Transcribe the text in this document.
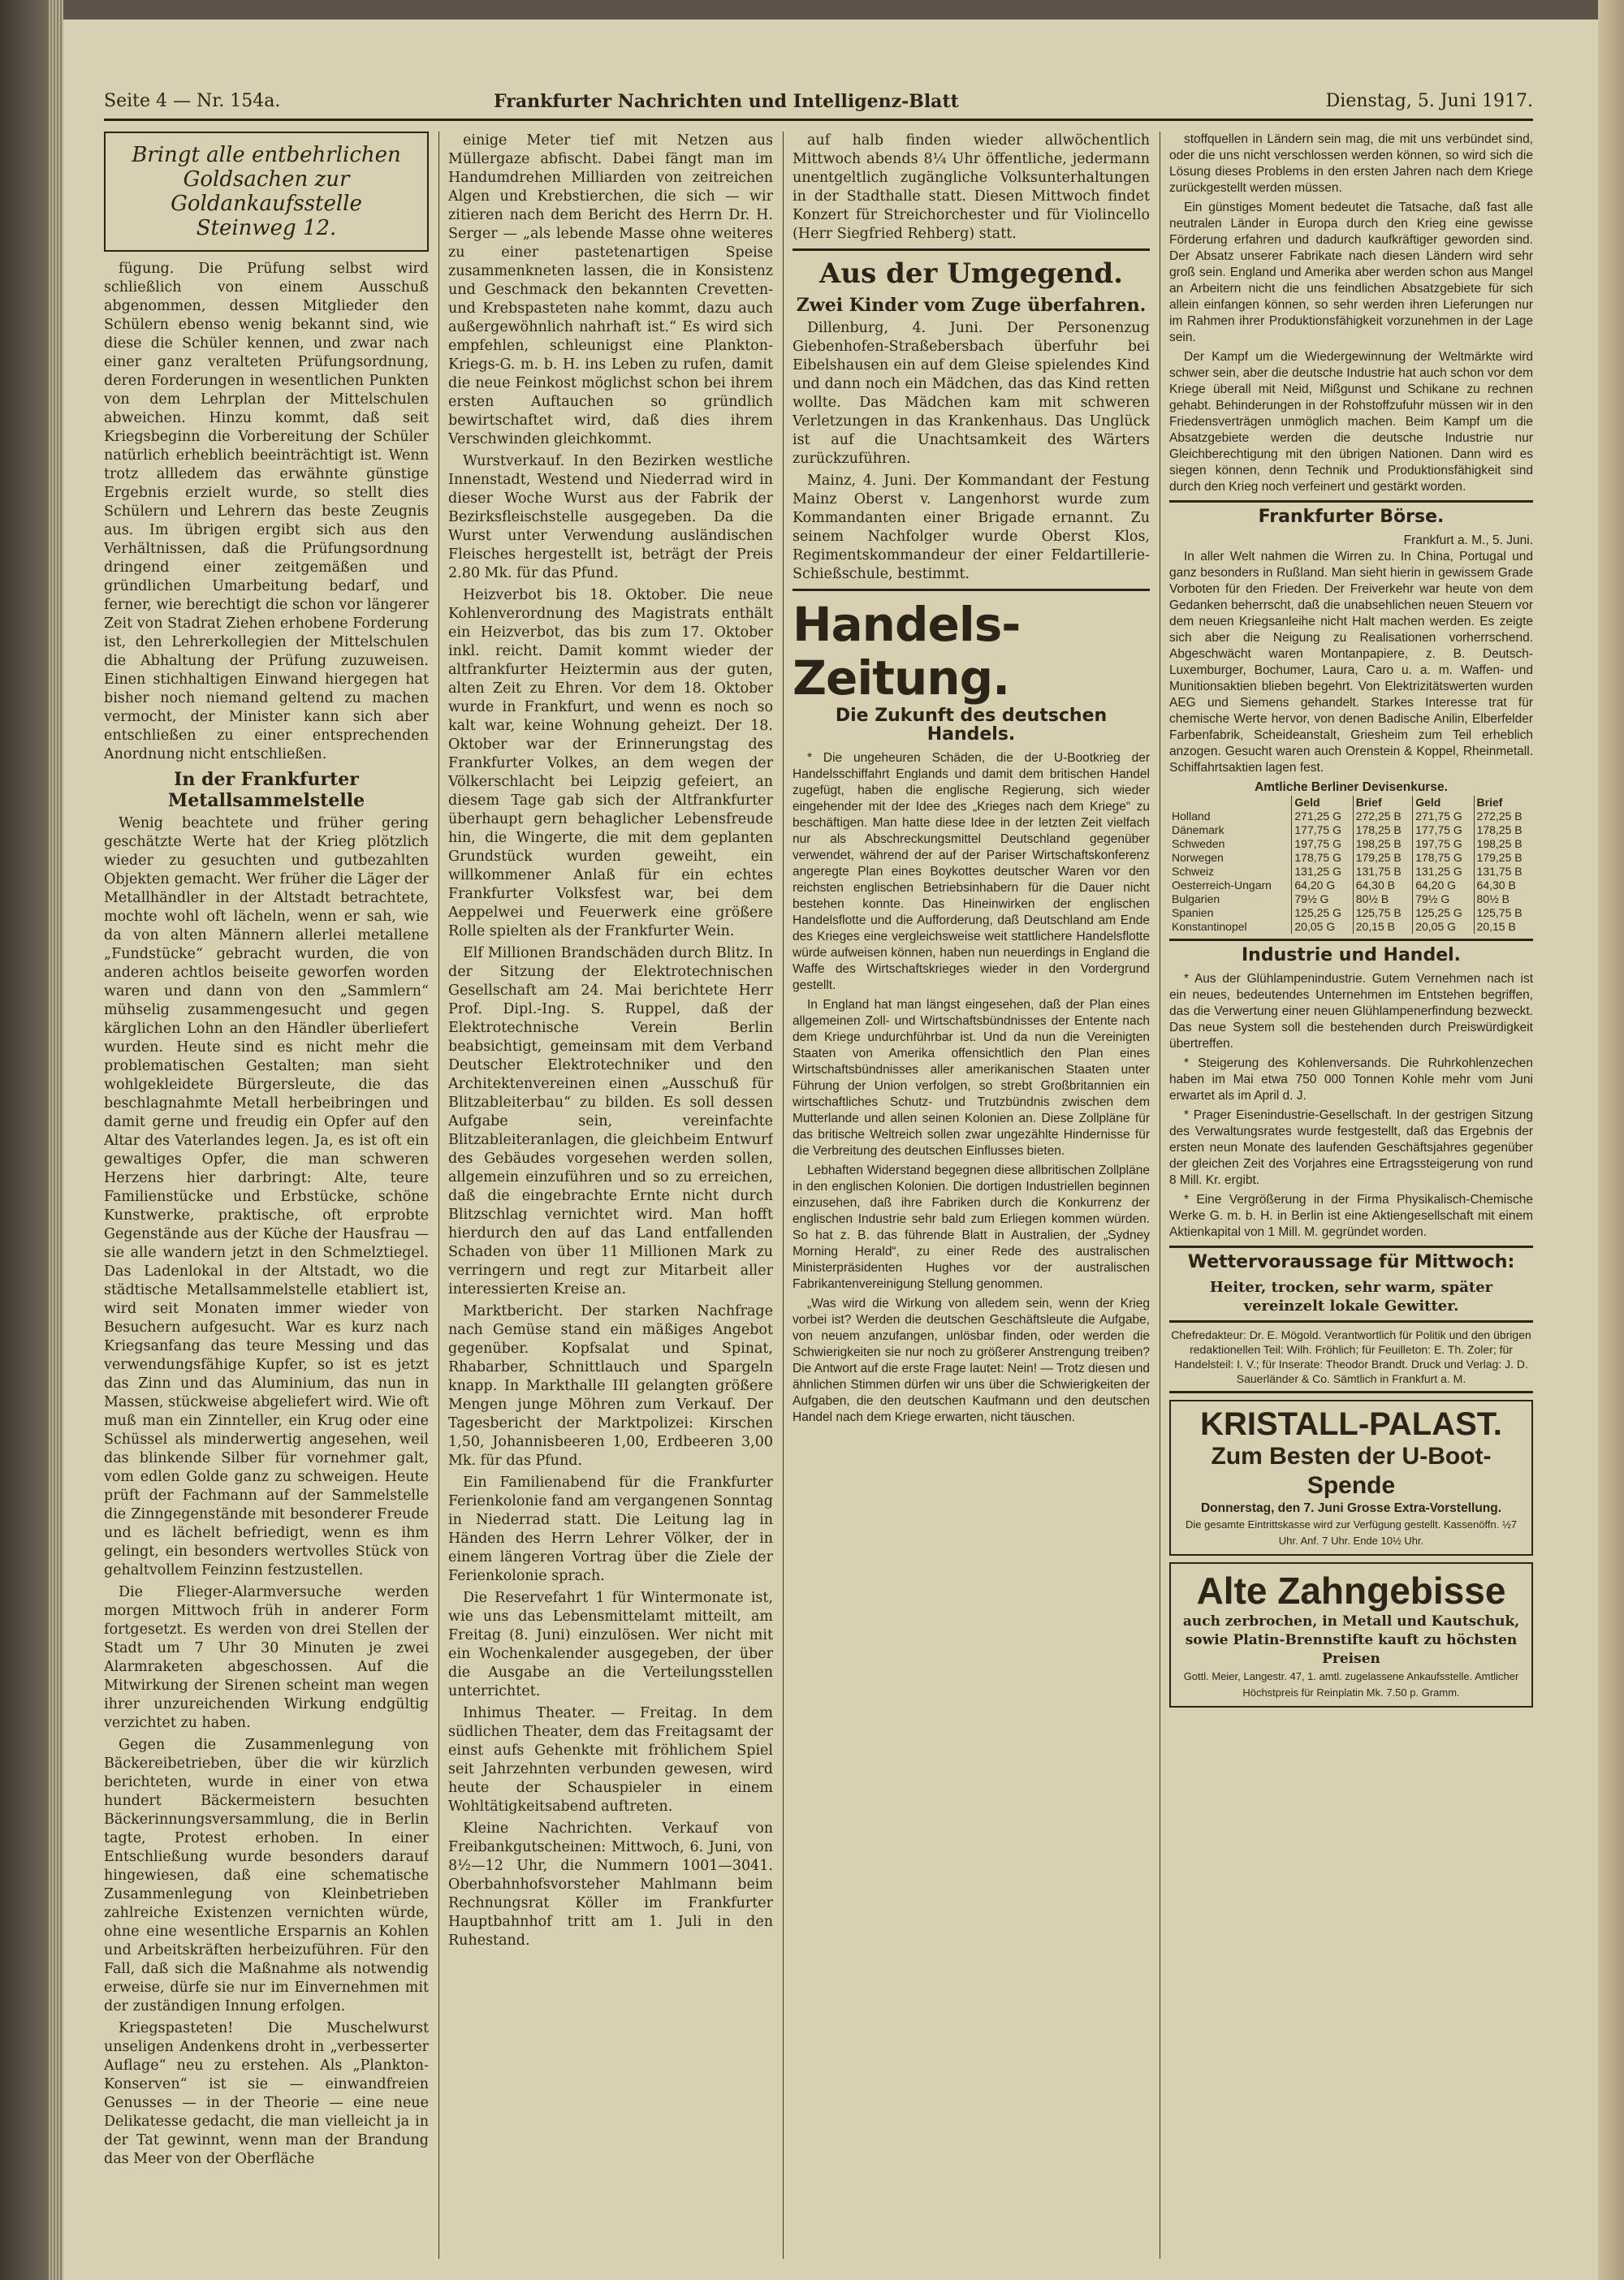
Seite 4 — Nr. 154a.	Frankfurter Nachrichten und Intelligenz-Blatt	Dienstag, 5. Juni 1917.
Bringt alle entbehrlichen Goldsachen zur Goldankaufsstelle Steinweg 12.

fügung. Die Prüfung selbst wird schließlich von einem Ausschuß abgenommen, dessen Mitglieder den Schülern ebenso wenig bekannt sind, wie diese die Schüler kennen, und zwar nach einer ganz veralteten Prüfungsordnung, deren Forderungen in wesentlichen Punkten von dem Lehrplan der Mittelschulen abweichen. Hinzu kommt, daß seit Kriegsbeginn die Vorbereitung der Schüler natürlich erheblich beeinträchtigt ist. Wenn trotz allledem das erwähnte günstige Ergebnis erzielt wurde, so stellt dies Schülern und Lehrern das beste Zeugnis aus. Im übrigen ergibt sich aus den Verhältnissen, daß die Prüfungsordnung dringend einer zeitgemäßen und gründlichen Umarbeitung bedarf, und ferner, wie berechtigt die schon vor längerer Zeit von Stadrat Ziehen erhobene Forderung ist, den Lehrerkollegien der Mittelschulen die Abhaltung der Prüfung zuzuweisen. Einen stichhaltigen Einwand hiergegen hat bisher noch niemand geltend zu machen vermocht, der Minister kann sich aber entschließen zu einer entsprechenden Anordnung nicht entschließen.

In der Frankfurter Metallsammelstelle

Wenig beachtete und früher gering geschätzte Werte hat der Krieg plötzlich wieder zu gesuchten und gutbezahlten Objekten gemacht. Wer früher die Läger der Metallhändler in der Altstadt betrachtete, mochte wohl oft lächeln, wenn er sah, wie da von alten Männern allerlei metallene „Fundstücke“ gebracht wurden, die von anderen achtlos beiseite geworfen worden waren und dann von den „Sammlern“ mühselig zusammengesucht und gegen kärglichen Lohn an den Händler überliefert wurden. Heute sind es nicht mehr die problematischen Gestalten; man sieht wohlgekleidete Bürgersleute, die das beschlagnahmte Metall herbeibringen und damit gerne und freudig ein Opfer auf den Altar des Vaterlandes legen. Ja, es ist oft ein gewaltiges Opfer, die man schweren Herzens hier darbringt: Alte, teure Familienstücke und Erbstücke, schöne Kunstwerke, praktische, oft erprobte Gegenstände aus der Küche der Hausfrau — sie alle wandern jetzt in den Schmelztiegel. Das Ladenlokal in der Altstadt, wo die städtische Metallsammelstelle etabliert ist, wird seit Monaten immer wieder von Besuchern aufgesucht. War es kurz nach Kriegsanfang das teure Messing und das verwendungsfähige Kupfer, so ist es jetzt das Zinn und das Aluminium, das nun in Massen, stückweise abgeliefert wird. Wie oft muß man ein Zinnteller, ein Krug oder eine Schüssel als minderwertig angesehen, weil das blinkende Silber für vornehmer galt, vom edlen Golde ganz zu schweigen. Heute prüft der Fachmann auf der Sammelstelle die Zinngegenstände mit besonderer Freude und es lächelt befriedigt, wenn es ihm gelingt, ein besonders wertvolles Stück von gehaltvollem Feinzinn festzustellen.

Die Flieger-Alarmversuche werden morgen Mittwoch früh in anderer Form fortgesetzt. Es werden von drei Stellen der Stadt um 7 Uhr 30 Minuten je zwei Alarmraketen abgeschossen. Auf die Mitwirkung der Sirenen scheint man wegen ihrer unzureichenden Wirkung endgültig verzichtet zu haben.

Gegen die Zusammenlegung von Bäckereibetrieben, über die wir kürzlich berichteten, wurde in einer von etwa hundert Bäckermeistern besuchten Bäckerinnungsversammlung, die in Berlin tagte, Protest erhoben. In einer Entschließung wurde besonders darauf hingewiesen, daß eine schematische Zusammenlegung von Kleinbetrieben zahlreiche Existenzen vernichten würde, ohne eine wesentliche Ersparnis an Kohlen und Arbeitskräften herbeizuführen. Für den Fall, daß sich die Maßnahme als notwendig erweise, dürfe sie nur im Einvernehmen mit der zuständigen Innung erfolgen.

Kriegspasteten! Die Muschelwurst unseligen Andenkens droht in „verbesserter Auflage“ neu zu erstehen. Als „Plankton-Konserven“ ist sie — einwandfreien Genusses — in der Theorie — eine neue Delikatesse gedacht, die man vielleicht ja in der Tat gewinnt, wenn man der Brandung das Meer von der Oberfläche

einige Meter tief mit Netzen aus Müllergaze abfischt. Dabei fängt man im Handumdrehen Milliarden von zeitreichen Algen und Krebstierchen, die sich — wir zitieren nach dem Bericht des Herrn Dr. H. Serger — „als lebende Masse ohne weiteres zu einer pastetenartigen Speise zusammenkneten lassen, die in Konsistenz und Geschmack den bekannten Crevetten- und Krebspasteten nahe kommt, dazu auch außergewöhnlich nahrhaft ist.“ Es wird sich empfehlen, schleunigst eine Plankton-Kriegs-G. m. b. H. ins Leben zu rufen, damit die neue Feinkost möglichst schon bei ihrem ersten Auftauchen so gründlich bewirtschaftet wird, daß dies ihrem Verschwinden gleichkommt.

Wurstverkauf. In den Bezirken westliche Innenstadt, Westend und Niederrad wird in dieser Woche Wurst aus der Fabrik der Bezirksfleischstelle ausgegeben. Da die Wurst unter Verwendung ausländischen Fleisches hergestellt ist, beträgt der Preis 2.80 Mk. für das Pfund.

Heizverbot bis 18. Oktober. Die neue Kohlenverordnung des Magistrats enthält ein Heizverbot, das bis zum 17. Oktober inkl. reicht. Damit kommt wieder der altfrankfurter Heiztermin aus der guten, alten Zeit zu Ehren. Vor dem 18. Oktober wurde in Frankfurt, und wenn es noch so kalt war, keine Wohnung geheizt. Der 18. Oktober war der Erinnerungstag des Frankfurter Volkes, an dem wegen der Völkerschlacht bei Leipzig gefeiert, an diesem Tage gab sich der Altfrankfurter überhaupt gern behaglicher Lebensfreude hin, die Wingerte, die mit dem geplanten Grundstück wurden geweiht, ein willkommener Anlaß für ein echtes Frankfurter Volksfest war, bei dem Aeppelwei und Feuerwerk eine größere Rolle spielten als der Frankfurter Wein.

Elf Millionen Brandschäden durch Blitz. In der Sitzung der Elektrotechnischen Gesellschaft am 24. Mai berichtete Herr Prof. Dipl.-Ing. S. Ruppel, daß der Elektrotechnische Verein Berlin beabsichtigt, gemeinsam mit dem Verband Deutscher Elektrotechniker und den Architektenvereinen einen „Ausschuß für Blitzableiterbau“ zu bilden. Es soll dessen Aufgabe sein, vereinfachte Blitzableiteranlagen, die gleichbeim Entwurf des Gebäudes vorgesehen werden sollen, allgemein einzuführen und so zu erreichen, daß die eingebrachte Ernte nicht durch Blitzschlag vernichtet wird. Man hofft hierdurch den auf das Land entfallenden Schaden von über 11 Millionen Mark zu verringern und regt zur Mitarbeit aller interessierten Kreise an.

Marktbericht. Der starken Nachfrage nach Gemüse stand ein mäßiges Angebot gegenüber. Kopfsalat und Spinat, Rhabarber, Schnittlauch und Spargeln knapp. In Markthalle III gelangten größere Mengen junge Möhren zum Verkauf. Der Tagesbericht der Marktpolizei: Kirschen 1,50, Johannisbeeren 1,00, Erdbeeren 3,00 Mk. für das Pfund.

Ein Familienabend für die Frankfurter Ferienkolonie fand am vergangenen Sonntag in Niederrad statt. Die Leitung lag in Händen des Herrn Lehrer Völker, der in einem längeren Vortrag über die Ziele der Ferienkolonie sprach.

Die Reservefahrt 1 für Wintermonate ist, wie uns das Lebensmittelamt mitteilt, am Freitag (8. Juni) einzulösen. Wer nicht mit ein Wochenkalender ausgegeben, der über die Ausgabe an die Verteilungsstellen unterrichtet.

Inhimus Theater. — Freitag. In dem südlichen Theater, dem das Freitagsamt der einst aufs Gehenkte mit fröhlichem Spiel seit Jahrzehnten verbunden gewesen, wird heute der Schauspieler in einem Wohltätigkeitsabend auftreten.

Kleine Nachrichten. Verkauf von Freibankgutscheinen: Mittwoch, 6. Juni, von 8½—12 Uhr, die Nummern 1001—3041. Oberbahnhofsvorsteher Mahlmann beim Rechnungsrat Köller im Frankfurter Hauptbahnhof tritt am 1. Juli in den Ruhestand.

auf halb finden wieder allwöchentlich Mittwoch abends 8¼ Uhr öffentliche, jedermann unentgeltlich zugängliche Volksunterhaltungen in der Stadthalle statt. Diesen Mittwoch findet Konzert für Streichorchester und für Violincello (Herr Siegfried Rehberg) statt.

Aus der Umgegend.
Zwei Kinder vom Zuge überfahren.

Dillenburg, 4. Juni. Der Personenzug Giebenhofen-Straßebersbach überfuhr bei Eibelshausen ein auf dem Gleise spielendes Kind und dann noch ein Mädchen, das das Kind retten wollte. Das Mädchen kam mit schweren Verletzungen in das Krankenhaus. Das Unglück ist auf die Unachtsamkeit des Wärters zurückzuführen.

Mainz, 4. Juni. Der Kommandant der Festung Mainz Oberst v. Langenhorst wurde zum Kommandanten einer Brigade ernannt. Zu seinem Nachfolger wurde Oberst Klos, Regimentskommandeur der einer Feldartillerie-Schießschule, bestimmt.

Handels-Zeitung.
Die Zukunft des deutschen Handels.

* Die ungeheuren Schäden, die der U-Bootkrieg der Handelsschiffahrt Englands und damit dem britischen Handel zugefügt, haben die englische Regierung, sich wieder eingehender mit der Idee des „Krieges nach dem Kriege“ zu beschäftigen. Man hatte diese Idee in der letzten Zeit vielfach nur als Abschreckungsmittel Deutschland gegenüber verwendet, während der auf der Pariser Wirtschaftskonferenz angeregte Plan eines Boykottes deutscher Waren vor den reichsten englischen Betriebsinhabern für die Dauer nicht bestehen konnte. Das Hineinwirken der englischen Handelsflotte und die Aufforderung, daß Deutschland am Ende des Krieges eine vergleichsweise weit stattlichere Handelsflotte würde aufweisen können, haben nun neuerdings in England die Waffe des Wirtschaftskrieges wieder in den Vordergrund gestellt.

In England hat man längst eingesehen, daß der Plan eines allgemeinen Zoll- und Wirtschaftsbündnisses der Entente nach dem Kriege undurchführbar ist. Und da nun die Vereinigten Staaten von Amerika offensichtlich den Plan eines Wirtschaftsbündnisses aller amerikanischen Staaten unter Führung der Union verfolgen, so strebt Großbritannien ein wirtschaftliches Schutz- und Trutzbündnis zwischen dem Mutterlande und allen seinen Kolonien an. Diese Zollpläne für das britische Weltreich sollen zwar ungezählte Hindernisse für die Verbreitung des deutschen Einflusses bieten.

Lebhaften Widerstand begegnen diese allbritischen Zollpläne in den englischen Kolonien. Die dortigen Industriellen beginnen einzusehen, daß ihre Fabriken durch die Konkurrenz der englischen Industrie sehr bald zum Erliegen kommen würden. So hat z. B. das führende Blatt in Australien, der „Sydney Morning Herald“, zu einer Rede des australischen Ministerpräsidenten Hughes vor der australischen Fabrikantenvereinigung Stellung genommen.

„Was wird die Wirkung von alledem sein, wenn der Krieg vorbei ist? Werden die deutschen Geschäftsleute die Aufgabe, von neuem anzufangen, unlösbar finden, oder werden die Schwierigkeiten sie nur noch zu größerer Anstrengung treiben? Die Antwort auf die erste Frage lautet: Nein! — Trotz diesen und ähnlichen Stimmen dürfen wir uns über die Schwierigkeiten der Aufgaben, die den deutschen Kaufmann und den deutschen Handel nach dem Kriege erwarten, nicht täuschen.

stoffquellen in Ländern sein mag, die mit uns verbündet sind, oder die uns nicht verschlossen werden können, so wird sich die Lösung dieses Problems in den ersten Jahren nach dem Kriege zurückgestellt werden müssen.

Ein günstiges Moment bedeutet die Tatsache, daß fast alle neutralen Länder in Europa durch den Krieg eine gewisse Förderung erfahren und dadurch kaufkräftiger geworden sind. Der Absatz unserer Fabrikate nach diesen Ländern wird sehr groß sein. England und Amerika aber werden schon aus Mangel an Arbeitern nicht die uns feindlichen Absatzgebiete für sich allein einfangen können, so sehr werden ihren Lieferungen nur im Rahmen ihrer Produktionsfähigkeit vorzunehmen in der Lage sein.

Der Kampf um die Wiedergewinnung der Weltmärkte wird schwer sein, aber die deutsche Industrie hat auch schon vor dem Kriege überall mit Neid, Mißgunst und Schikane zu rechnen gehabt. Behinderungen in der Rohstoffzufuhr müssen wir in den Friedensverträgen unmöglich machen. Beim Kampf um die Absatzgebiete werden die deutsche Industrie nur Gleichberechtigung mit den übrigen Nationen. Dann wird es siegen können, denn Technik und Produktionsfähigkeit sind durch den Krieg noch verfeinert und gestärkt worden.

Frankfurter Börse.
Frankfurt a. M., 5. Juni.

In aller Welt nahmen die Wirren zu. In China, Portugal und ganz besonders in Rußland. Man sieht hierin in gewissem Grade Vorboten für den Frieden. Der Freiverkehr war heute von dem Gedanken beherrscht, daß die unabsehlichen neuen Steuern vor dem neuen Kriegsanleihe nicht Halt machen werden. Es zeigte sich aber die Neigung zu Realisationen vorherrschend. Abgeschwächt waren Montanpapiere, z. B. Deutsch-Luxemburger, Bochumer, Laura, Caro u. a. m. Waffen- und Munitionsaktien blieben begehrt. Von Elektrizitätswerten wurden AEG und Siemens gehandelt. Starkes Interesse trat für chemische Werte hervor, von denen Badische Anilin, Elberfelder Farbenfabrik, Scheideanstalt, Griesheim zum Teil erheblich anzogen. Gesucht waren auch Orenstein & Koppel, Rheinmetall. Schiffahrtsaktien lagen fest.

Amtliche Berliner Devisenkurse.
	Geld	Brief	Geld	Brief
Holland	271,25 G	272,25 B	271,75 G	272,25 B
Dänemark	177,75 G	178,25 B	177,75 G	178,25 B
Schweden	197,75 G	198,25 B	197,75 G	198,25 B
Norwegen	178,75 G	179,25 B	178,75 G	179,25 B
Schweiz	131,25 G	131,75 B	131,25 G	131,75 B
Oesterreich-Ungarn	64,20 G	64,30 B	64,20 G	64,30 B
Bulgarien	79½ G	80½ B	79½ G	80½ B
Spanien	125,25 G	125,75 B	125,25 G	125,75 B
Konstantinopel	20,05 G	20,15 B	20,05 G	20,15 B
Industrie und Handel.

* Aus der Glühlampenindustrie. Gutem Vernehmen nach ist ein neues, bedeutendes Unternehmen im Entstehen begriffen, das die Verwertung einer neuen Glühlampenerfindung bezweckt. Das neue System soll die bestehenden durch Preiswürdigkeit übertreffen.

* Steigerung des Kohlenversands. Die Ruhrkohlenzechen haben im Mai etwa 750 000 Tonnen Kohle mehr vom Juni erwartet als im April d. J.

* Prager Eisenindustrie-Gesellschaft. In der gestrigen Sitzung des Verwaltungsrates wurde festgestellt, daß das Ergebnis der ersten neun Monate des laufenden Geschäftsjahres gegenüber der gleichen Zeit des Vorjahres eine Ertragssteigerung von rund 8 Mill. Kr. ergibt.

* Eine Vergrößerung in der Firma Physikalisch-Chemische Werke G. m. b. H. in Berlin ist eine Aktiengesellschaft mit einem Aktienkapital von 1 Mill. M. gegründet worden.

Wettervoraussage für Mittwoch:
Heiter, trocken, sehr warm, später vereinzelt lokale Gewitter.
Chefredakteur: Dr. E. Mögold. Verantwortlich für Politik und den übrigen redaktionellen Teil: Wilh. Fröhlich; für Feuilleton: E. Th. Zoler; für Handelsteil: I. V.; für Inserate: Theodor Brandt. Druck und Verlag: J. D. Sauerländer & Co. Sämtlich in Frankfurt a. M.
KRISTALL-PALAST.
Zum Besten der U-Boot-Spende
Donnerstag, den 7. Juni Grosse Extra-Vorstellung.
Die gesamte Eintrittskasse wird zur Verfügung gestellt. Kassenöffn. ½7 Uhr. Anf. 7 Uhr. Ende 10½ Uhr.
Alte Zahngebisse
auch zerbrochen, in Metall und Kautschuk, sowie Platin-Brennstifte kauft zu höchsten Preisen
Gottl. Meier, Langestr. 47, 1. amtl. zugelassene Ankaufsstelle. Amtlicher Höchstpreis für Reinplatin Mk. 7.50 p. Gramm.
